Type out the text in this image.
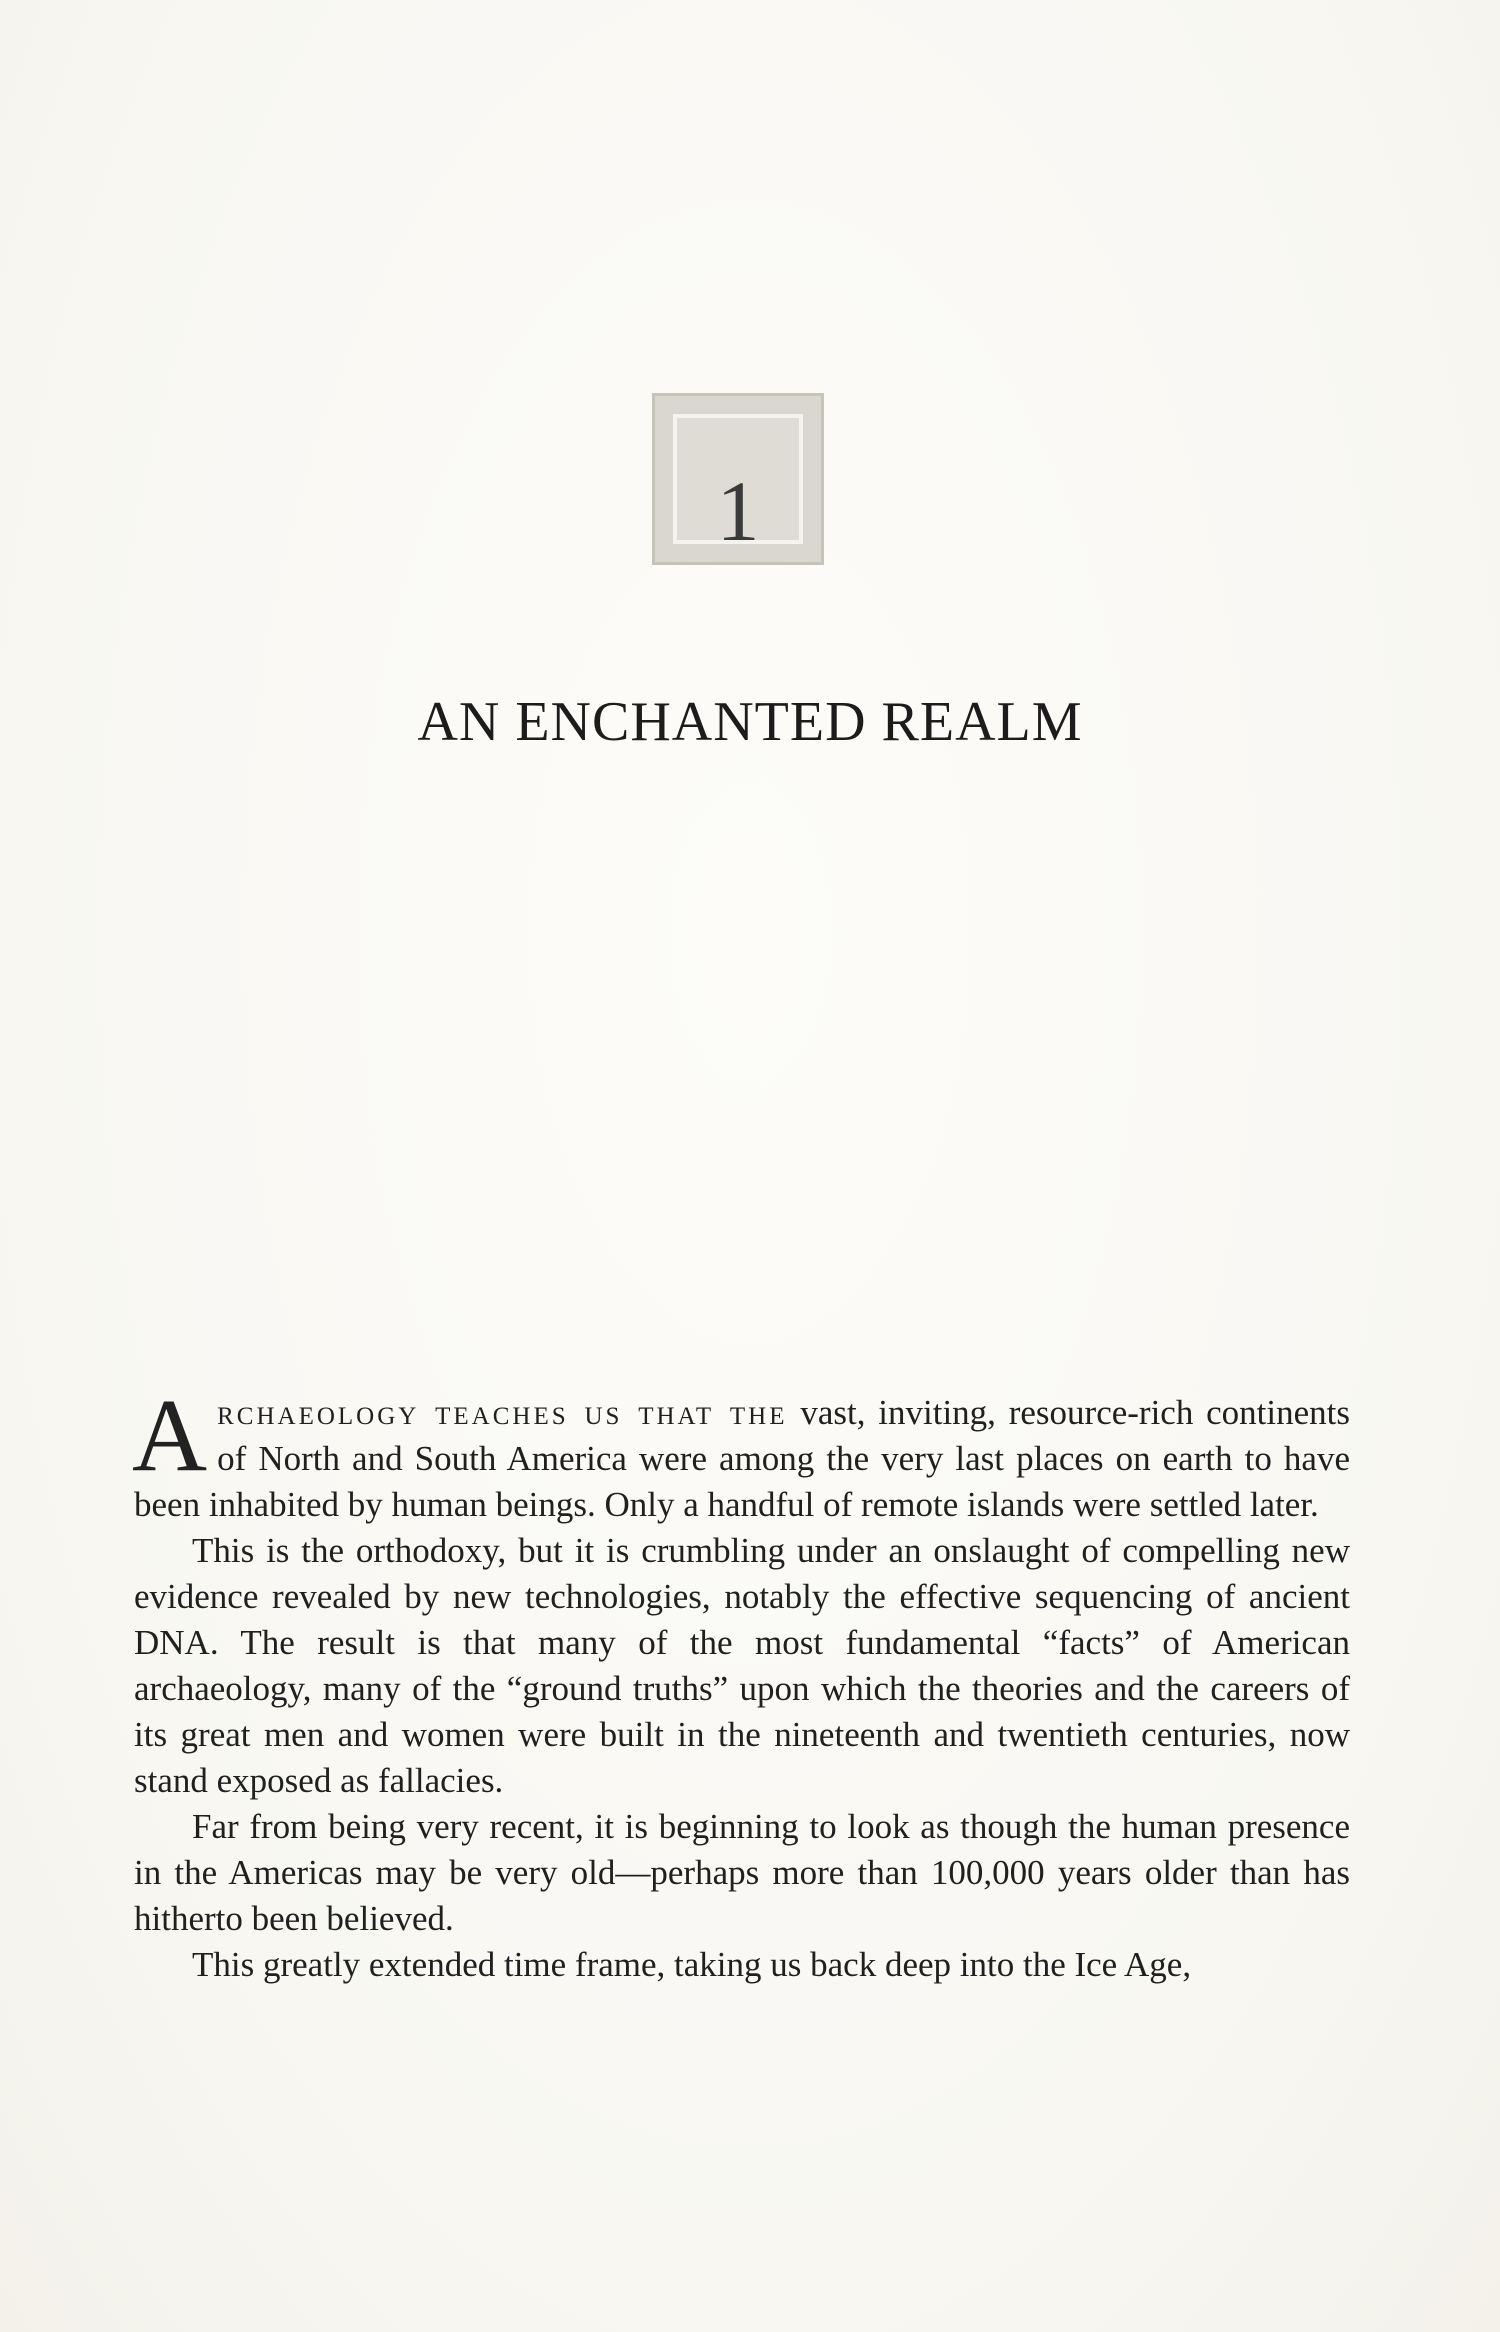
1
AN ENCHANTED REALM

Archaeology teaches us that the vast, inviting, resource-rich continents of North and South America were among the very last places on earth to have been inhabited by human beings. Only a handful of remote islands were settled later.

This is the orthodoxy, but it is crumbling under an onslaught of compelling new evidence revealed by new technologies, notably the effective sequencing of ancient DNA. The result is that many of the most fundamental “facts” of American archaeology, many of the “ground truths” upon which the theories and the careers of its great men and women were built in the nineteenth and twentieth centuries, now stand exposed as fallacies.

Far from being very recent, it is beginning to look as though the human presence in the Americas may be very old—perhaps more than 100,000 years older than has hitherto been believed.

This greatly extended time frame, taking us back deep into the Ice Age,
